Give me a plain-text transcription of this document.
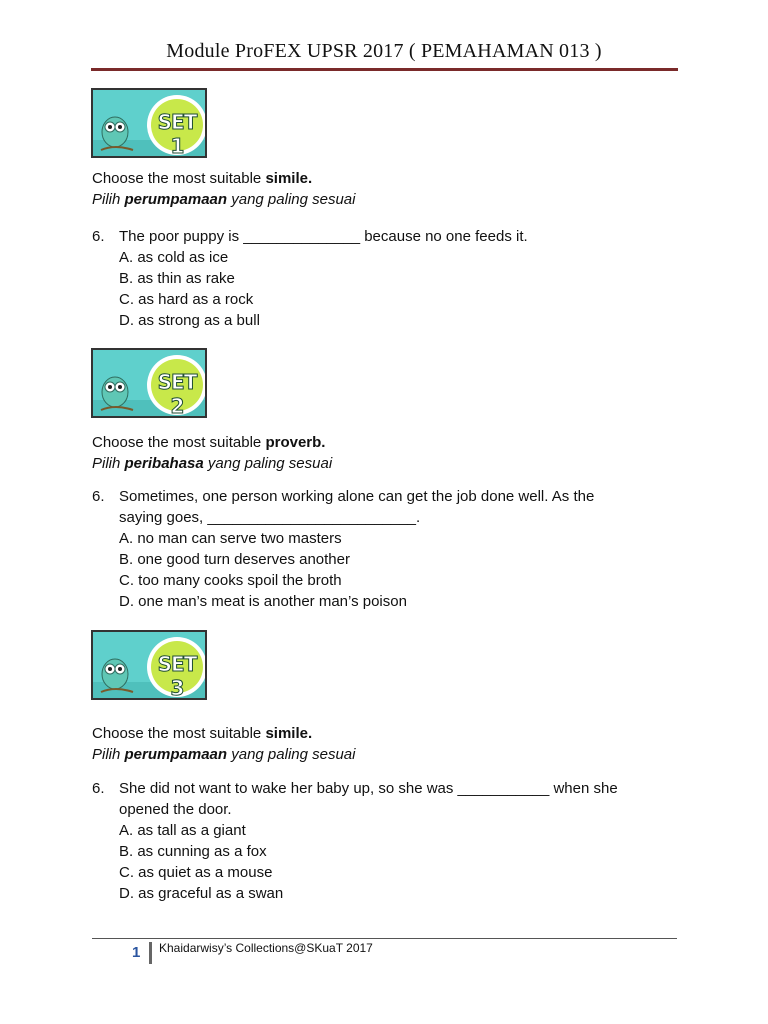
Module ProFEX UPSR 2017 ( PEMAHAMAN 013 )
SET 1
Choose the most suitable simile.
Pilih perumpamaan yang paling sesuai
6. The poor puppy is ______________ because no one feeds it.
A. as cold as ice
B. as thin as rake
C. as hard as a rock
D. as strong as a bull
SET 2
Choose the most suitable proverb.
Pilih peribahasa yang paling sesuai
6. Sometimes, one person working alone can get the job done well. As the
saying goes, _________________________.
A. no man can serve two masters
B. one good turn deserves another
C. too many cooks spoil the broth
D. one man’s meat is another man’s poison
SET 3
Choose the most suitable simile.
Pilih perumpamaan yang paling sesuai
6. She did not want to wake her baby up, so she was ___________ when she
opened the door.
A. as tall as a giant
B. as cunning as a fox
C. as quiet as a mouse
D. as graceful as a swan
1 Khaidarwisy’s Collections@SKuaT 2017
